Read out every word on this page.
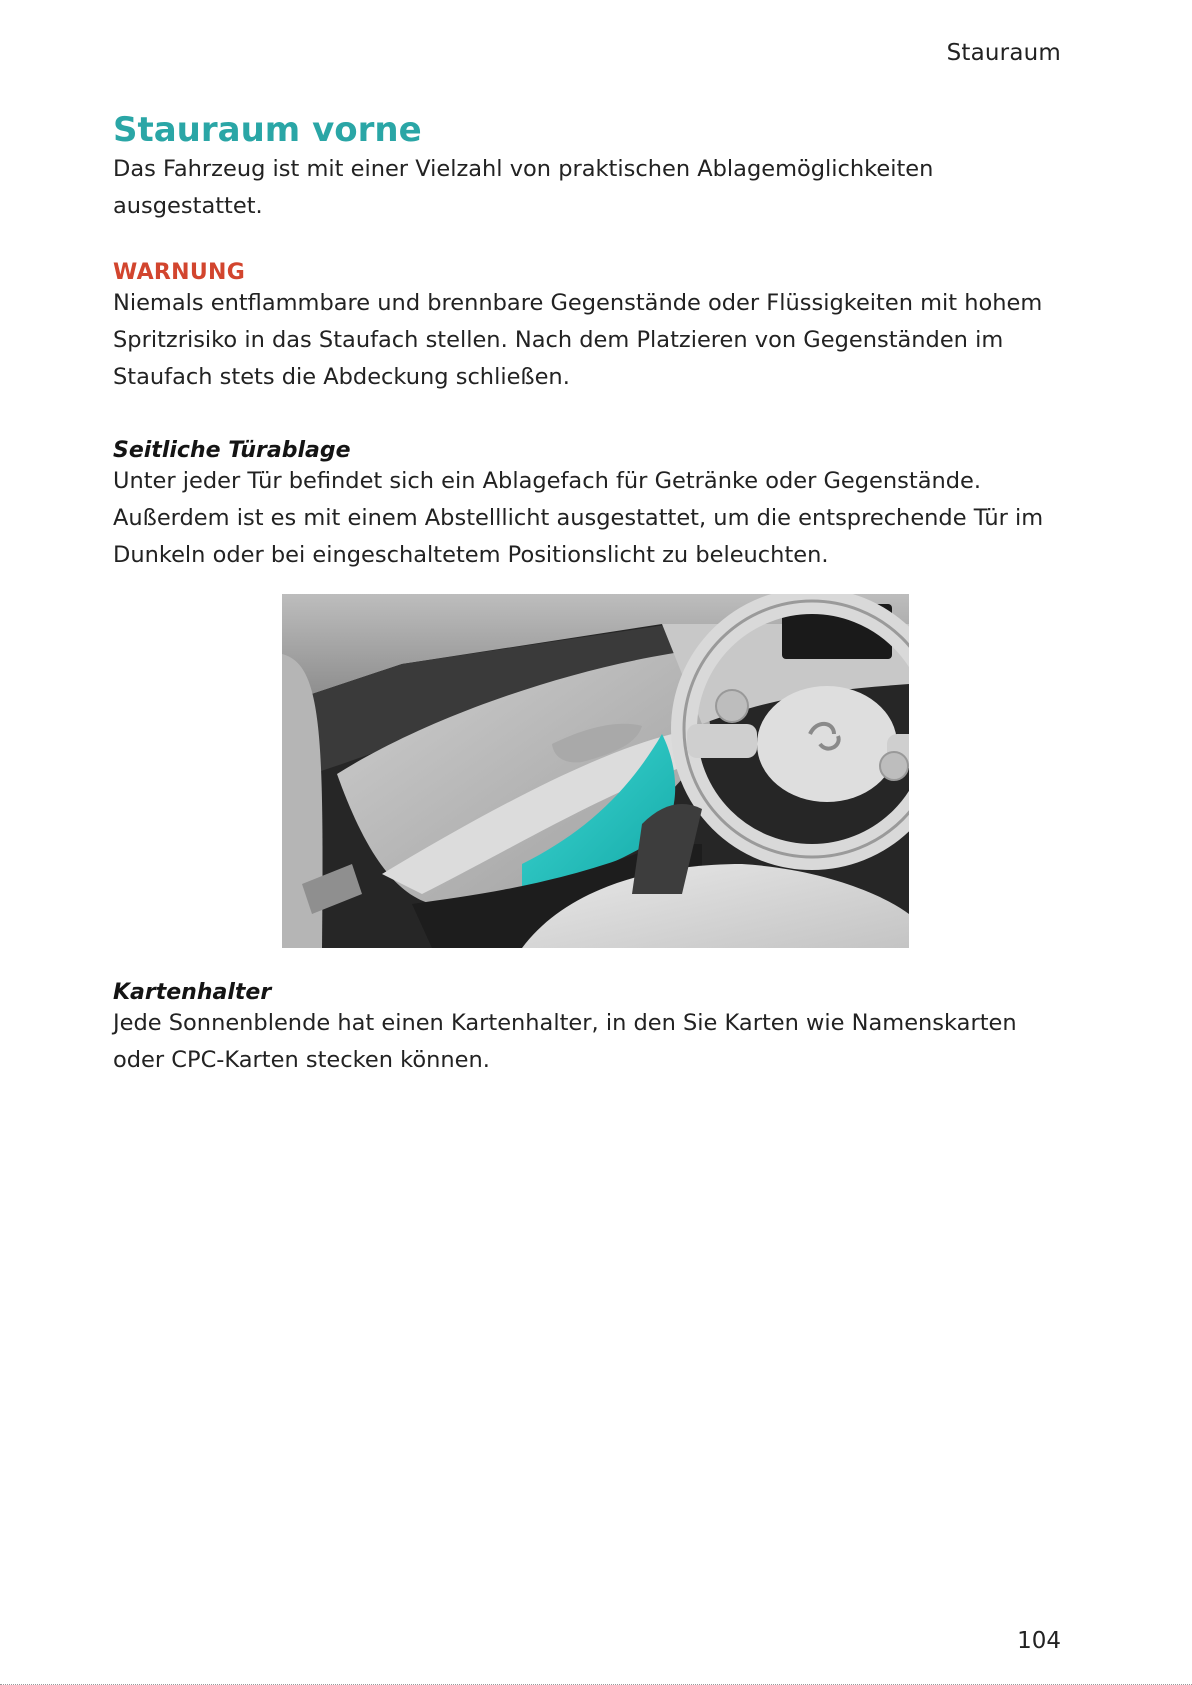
Stauraum
Stauraum vorne

Das Fahrzeug ist mit einer Vielzahl von praktischen Ablagemöglichkeiten ausgestattet.

WARNUNG

Niemals entflammbare und brennbare Gegenstände oder Flüssigkeiten mit hohem Spritzrisiko in das Staufach stellen. Nach dem Platzieren von Gegenständen im Staufach stets die Abdeckung schließen.

Seitliche Türablage

Unter jeder Tür befindet sich ein Ablagefach für Getränke oder Gegenstände. Außerdem ist es mit einem Abstelllicht ausgestattet, um die entsprechende Tür im Dunkeln oder bei eingeschaltetem Positionslicht zu beleuchten.

Kartenhalter

Jede Sonnenblende hat einen Kartenhalter, in den Sie Karten wie Namenskarten oder CPC-Karten stecken können.

104
